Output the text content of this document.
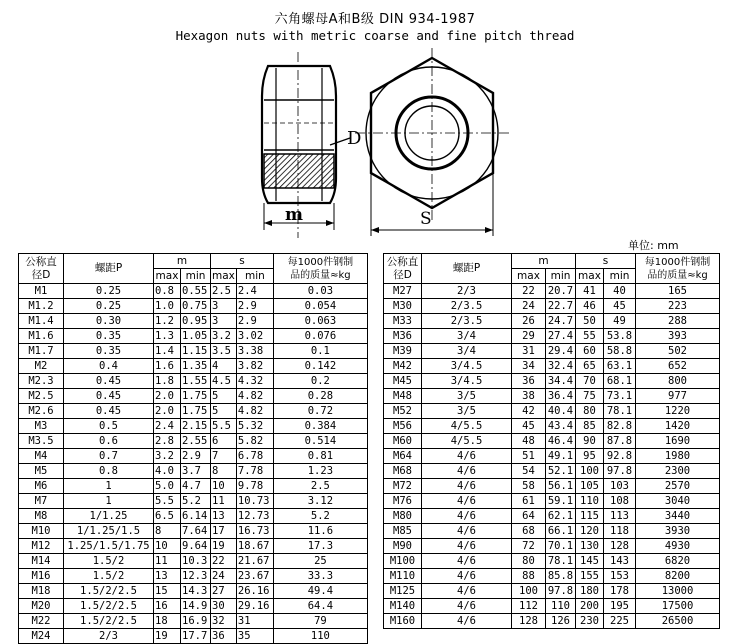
六角螺母A和B级 DIN 934-1987
Hexagon nuts with metric coarse and fine pitch thread
D
m	S
单位: mm
公称直
径D	螺距P	m		s		每1000件钢制
品的质量≈kg
		max	min	max	min	
M1	0.25	0.8	0.55	2.5	2.4	0.03
M1.2	0.25	1.0	0.75	3	2.9	0.054
M1.4	0.30	1.2	0.95	3	2.9	0.063
M1.6	0.35	1.3	1.05	3.2	3.02	0.076
M1.7	0.35	1.4	1.15	3.5	3.38	0.1
M2	0.4	1.6	1.35	4	3.82	0.142
M2.3	0.45	1.8	1.55	4.5	4.32	0.2
M2.5	0.45	2.0	1.75	5	4.82	0.28
M2.6	0.45	2.0	1.75	5	4.82	0.72
M3	0.5	2.4	2.15	5.5	5.32	0.384
M3.5	0.6	2.8	2.55	6	5.82	0.514
M4	0.7	3.2	2.9	7	6.78	0.81
M5	0.8	4.0	3.7	8	7.78	1.23
M6	1	5.0	4.7	10	9.78	2.5
M7	1	5.5	5.2	11	10.73	3.12
M8	1/1.25	6.5	6.14	13	12.73	5.2
M10	1/1.25/1.5	8	7.64	17	16.73	11.6
M12	1.25/1.5/1.75	10	9.64	19	18.67	17.3
M14	1.5/2	11	10.3	22	21.67	25
M16	1.5/2	13	12.3	24	23.67	33.3
M18	1.5/2/2.5	15	14.3	27	26.16	49.4
M20	1.5/2/2.5	16	14.9	30	29.16	64.4
M22	1.5/2/2.5	18	16.9	32	31	79
M24	2/3	19	17.7	36	35	110
公称直
径D	螺距P	m		s		每1000件钢制
品的质量≈kg
		max	min	max	min	
M27	2/3	22	20.7	41	40	165
M30	2/3.5	24	22.7	46	45	223
M33	2/3.5	26	24.7	50	49	288
M36	3/4	29	27.4	55	53.8	393
M39	3/4	31	29.4	60	58.8	502
M42	3/4.5	34	32.4	65	63.1	652
M45	3/4.5	36	34.4	70	68.1	800
M48	3/5	38	36.4	75	73.1	977
M52	3/5	42	40.4	80	78.1	1220
M56	4/5.5	45	43.4	85	82.8	1420
M60	4/5.5	48	46.4	90	87.8	1690
M64	4/6	51	49.1	95	92.8	1980
M68	4/6	54	52.1	100	97.8	2300
M72	4/6	58	56.1	105	103	2570
M76	4/6	61	59.1	110	108	3040
M80	4/6	64	62.1	115	113	3440
M85	4/6	68	66.1	120	118	3930
M90	4/6	72	70.1	130	128	4930
M100	4/6	80	78.1	145	143	6820
M110	4/6	88	85.8	155	153	8200
M125	4/6	100	97.8	180	178	13000
M140	4/6	112	110	200	195	17500
M160	4/6	128	126	230	225	26500
